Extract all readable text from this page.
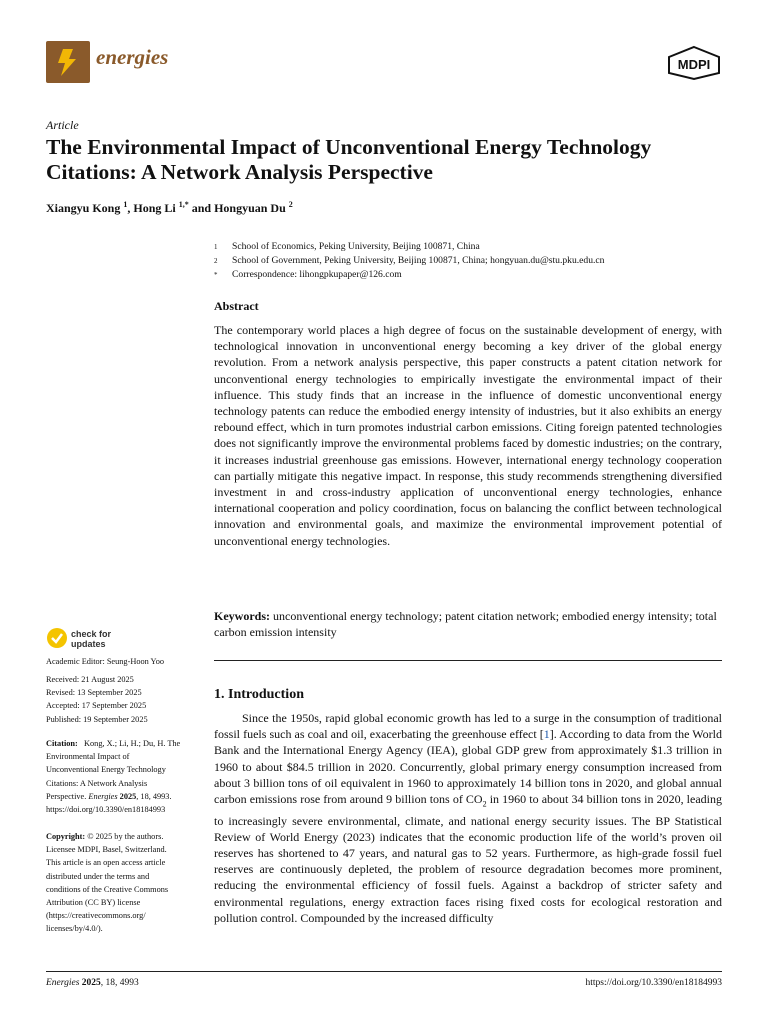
energies	MDPI
Article
The Environmental Impact of Unconventional Energy Technology Citations: A Network Analysis Perspective
Xiangyu Kong $^1$, Hong Li $^{1,*}$ and Hongyuan Du $^2$
1 School of Economics, Peking University, Beijing 100871, China
2 School of Government, Peking University, Beijing 100871, China; hongyuan.du@stu.pku.edu.cn
* Correspondence: lihongpkupaper@126.com
Abstract

The contemporary world places a high degree of focus on the sustainable development of energy, with technological innovation in unconventional energy becoming a key driver of the global energy revolution. From a network analysis perspective, this paper constructs a patent citation network for unconventional energy technologies to empirically investigate the environmental impact of their influence. This study finds that an increase in the influence of domestic unconventional energy technology patents can reduce the embodied energy intensity of industries, but it also exhibits an energy rebound effect, which in turn promotes industrial carbon emissions. Citing foreign patented technologies does not significantly improve the environmental problems faced by domestic industries; on the contrary, it increases industrial greenhouse gas emissions. However, international energy technology cooperation can partially mitigate this negative impact. In response, this study recommends strengthening diversified investment in and cross-industry application of unconventional energy technologies, enhance international cooperation and policy coordination, focus on balancing the conflict between technological innovation and environmental goals, and maximize the environmental improvement potential of unconventional energy technologies.

Keywords: unconventional energy technology; patent citation network; embodied energy intensity; total carbon emission intensity

1. Introduction

Since the 1950s, rapid global economic growth has led to a surge in the consumption of traditional fossil fuels such as coal and oil, exacerbating the greenhouse effect [1]. According to data from the World Bank and the International Energy Agency (IEA), global GDP grew from approximately $1.3 trillion in 1960 to about $84.5 trillion in 2020. Concurrently, global primary energy consumption increased from about 3 billion tons of oil equivalent in 1960 to approximately 14 billion tons in 2020, and global annual carbon emissions rose from around 9 billion tons of $CO_2$ in 1960 to about 34 billion tons in 2020, leading to increasingly severe environmental, climate, and national energy security issues. The BP Statistical Review of World Energy (2023) indicates that the economic production life of the world’s proven oil reserves has shortened to 47 years, and natural gas to 52 years. Furthermore, as high-grade fossil fuel reserves are continuously depleted, the problem of resource degradation becomes more prominent, reducing the environmental efficiency of fossil fuels. Against a backdrop of stricter safety and environmental regulations, energy extraction faces rising fixed costs for ecological restoration and pollution control. Compounded by the increased difficulty

check for
updates
Academic Editor: Seung-Hoon Yoo
Received: 21 August 2025
Revised: 13 September 2025
Accepted: 17 September 2025
Published: 19 September 2025
Citation: Kong, X.; Li, H.; Du, H. The
Environmental Impact of
Unconventional Energy Technology
Citations: A Network Analysis
Perspective. Energies 2025, 18, 4993.
https://doi.org/10.3390/en18184993
Copyright: © 2025 by the authors.
Licensee MDPI, Basel, Switzerland.
This article is an open access article
distributed under the terms and
conditions of the Creative Commons
Attribution (CC BY) license
(https://creativecommons.org/
licenses/by/4.0/).
Energies 2025, 18, 4993	https://doi.org/10.3390/en18184993
